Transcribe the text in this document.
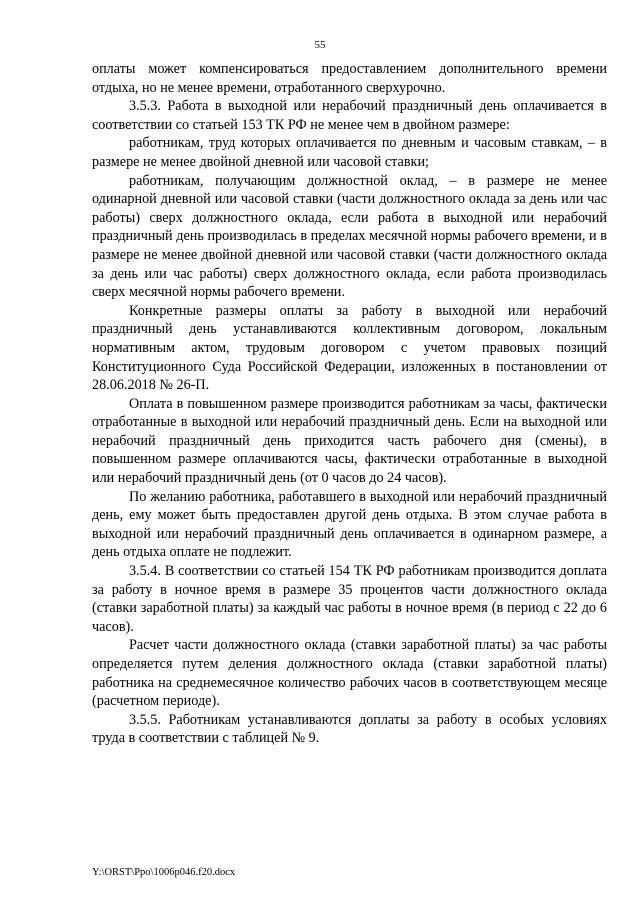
55

оплаты может компенсироваться предоставлением дополнительного времени отдыха, но не менее времени, отработанного сверхурочно.

3.5.3. Работа в выходной или нерабочий праздничный день оплачивается в соответствии со статьей 153 ТК РФ не менее чем в двойном размере:

работникам, труд которых оплачивается по дневным и часовым ставкам, – в размере не менее двойной дневной или часовой ставки;

работникам, получающим должностной оклад, – в размере не менее одинарной дневной или часовой ставки (части должностного оклада за день или час работы) сверх должностного оклада, если работа в выходной или нерабочий праздничный день производилась в пределах месячной нормы рабочего времени, и в размере не менее двойной дневной или часовой ставки (части должностного оклада за день или час работы) сверх должностного оклада, если работа производилась сверх месячной нормы рабочего времени.

Конкретные размеры оплаты за работу в выходной или нерабочий праздничный день устанавливаются коллективным договором, локальным нормативным актом, трудовым договором с учетом правовых позиций Конституционного Суда Российской Федерации, изложенных в постановлении от 28.06.2018 № 26-П.

Оплата в повышенном размере производится работникам за часы, фактически отработанные в выходной или нерабочий праздничный день. Если на выходной или нерабочий праздничный день приходится часть рабочего дня (смены), в повышенном размере оплачиваются часы, фактически отработанные в выходной или нерабочий праздничный день (от 0 часов до 24 часов).

По желанию работника, работавшего в выходной или нерабочий праздничный день, ему может быть предоставлен другой день отдыха. В этом случае работа в выходной или нерабочий праздничный день оплачивается в одинарном размере, а день отдыха оплате не подлежит.

3.5.4. В соответствии со статьей 154 ТК РФ работникам производится доплата за работу в ночное время в размере 35 процентов части должностного оклада (ставки заработной платы) за каждый час работы в ночное время (в период с 22 до 6 часов).

Расчет части должностного оклада (ставки заработной платы) за час работы определяется путем деления должностного оклада (ставки заработной платы) работника на среднемесячное количество рабочих часов в соответствующем месяце (расчетном периоде).

3.5.5. Работникам устанавливаются доплаты за работу в особых условиях труда в соответствии с таблицей № 9.

Y:\ORST\Ppo\1006p046.f20.docx
